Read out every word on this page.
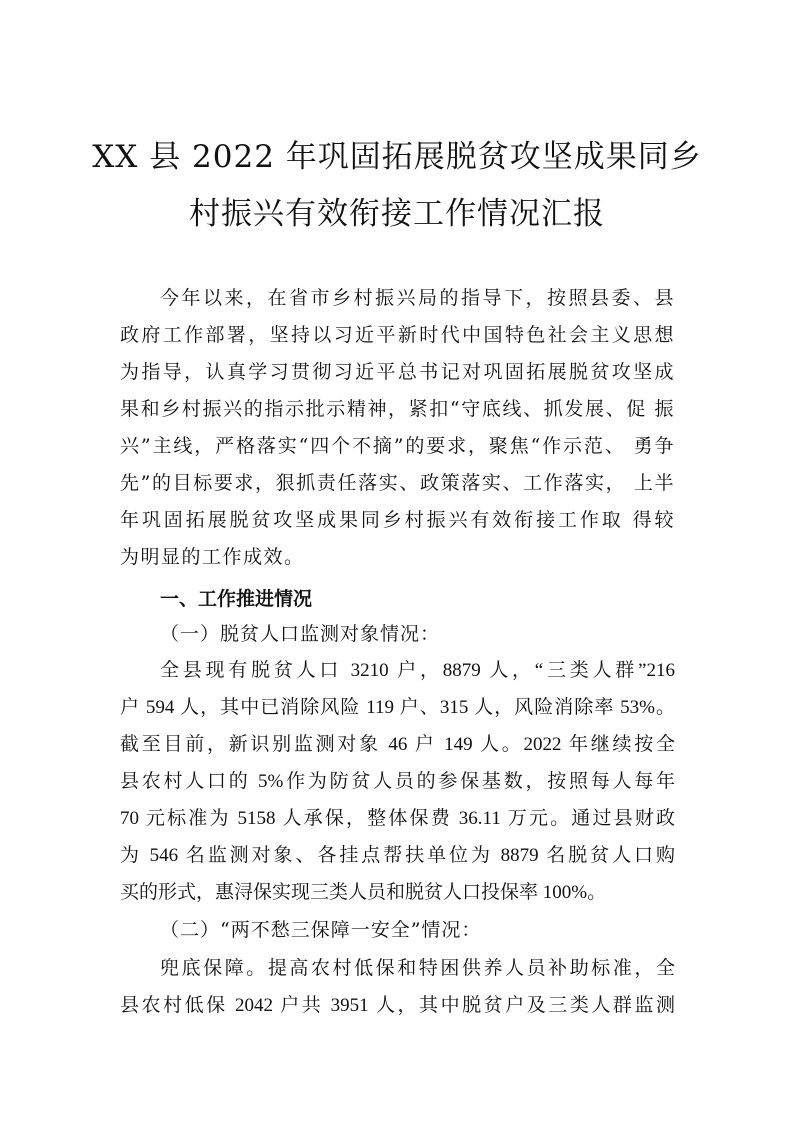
XX 县 2022 年巩固拓展脱贫攻坚成果同乡
村振兴有效衔接工作情况汇报
今年以来，在省市乡村振兴局的指导下，按照县委、县
政府工作部署，坚持以习近平新时代中国特色社会主义思想
为指导，认真学习贯彻习近平总书记对巩固拓展脱贫攻坚成
果和乡村振兴的指示批示精神，紧扣“守底线、抓发展、促 振
兴”主线，严格落实“四个不摘”的要求，聚焦“作示范、 勇争
先”的目标要求，狠抓责任落实、政策落实、工作落实， 上半
年巩固拓展脱贫攻坚成果同乡村振兴有效衔接工作取 得较
为明显的工作成效。
一、工作推进情况
（一）脱贫人口监测对象情况：
全县现有脱贫人口 3210 户，8879 人，“三类人群”216
户 594 人，其中已消除风险 119 户、315 人，风险消除率 53%。
截至目前，新识别监测对象 46 户 149 人。2022 年继续按全
县农村人口的 5%作为防贫人员的参保基数，按照每人每年
70 元标准为 5158 人承保，整体保费 36.11 万元。通过县财政
为 546 名监测对象、各挂点帮扶单位为 8879 名脱贫人口购
买的形式，惠浔保实现三类人员和脱贫人口投保率 100%。
（二）“两不愁三保障一安全”情况：
兜底保障。提高农村低保和特困供养人员补助标准，全
县农村低保 2042 户共 3951 人，其中脱贫户及三类人群监测
